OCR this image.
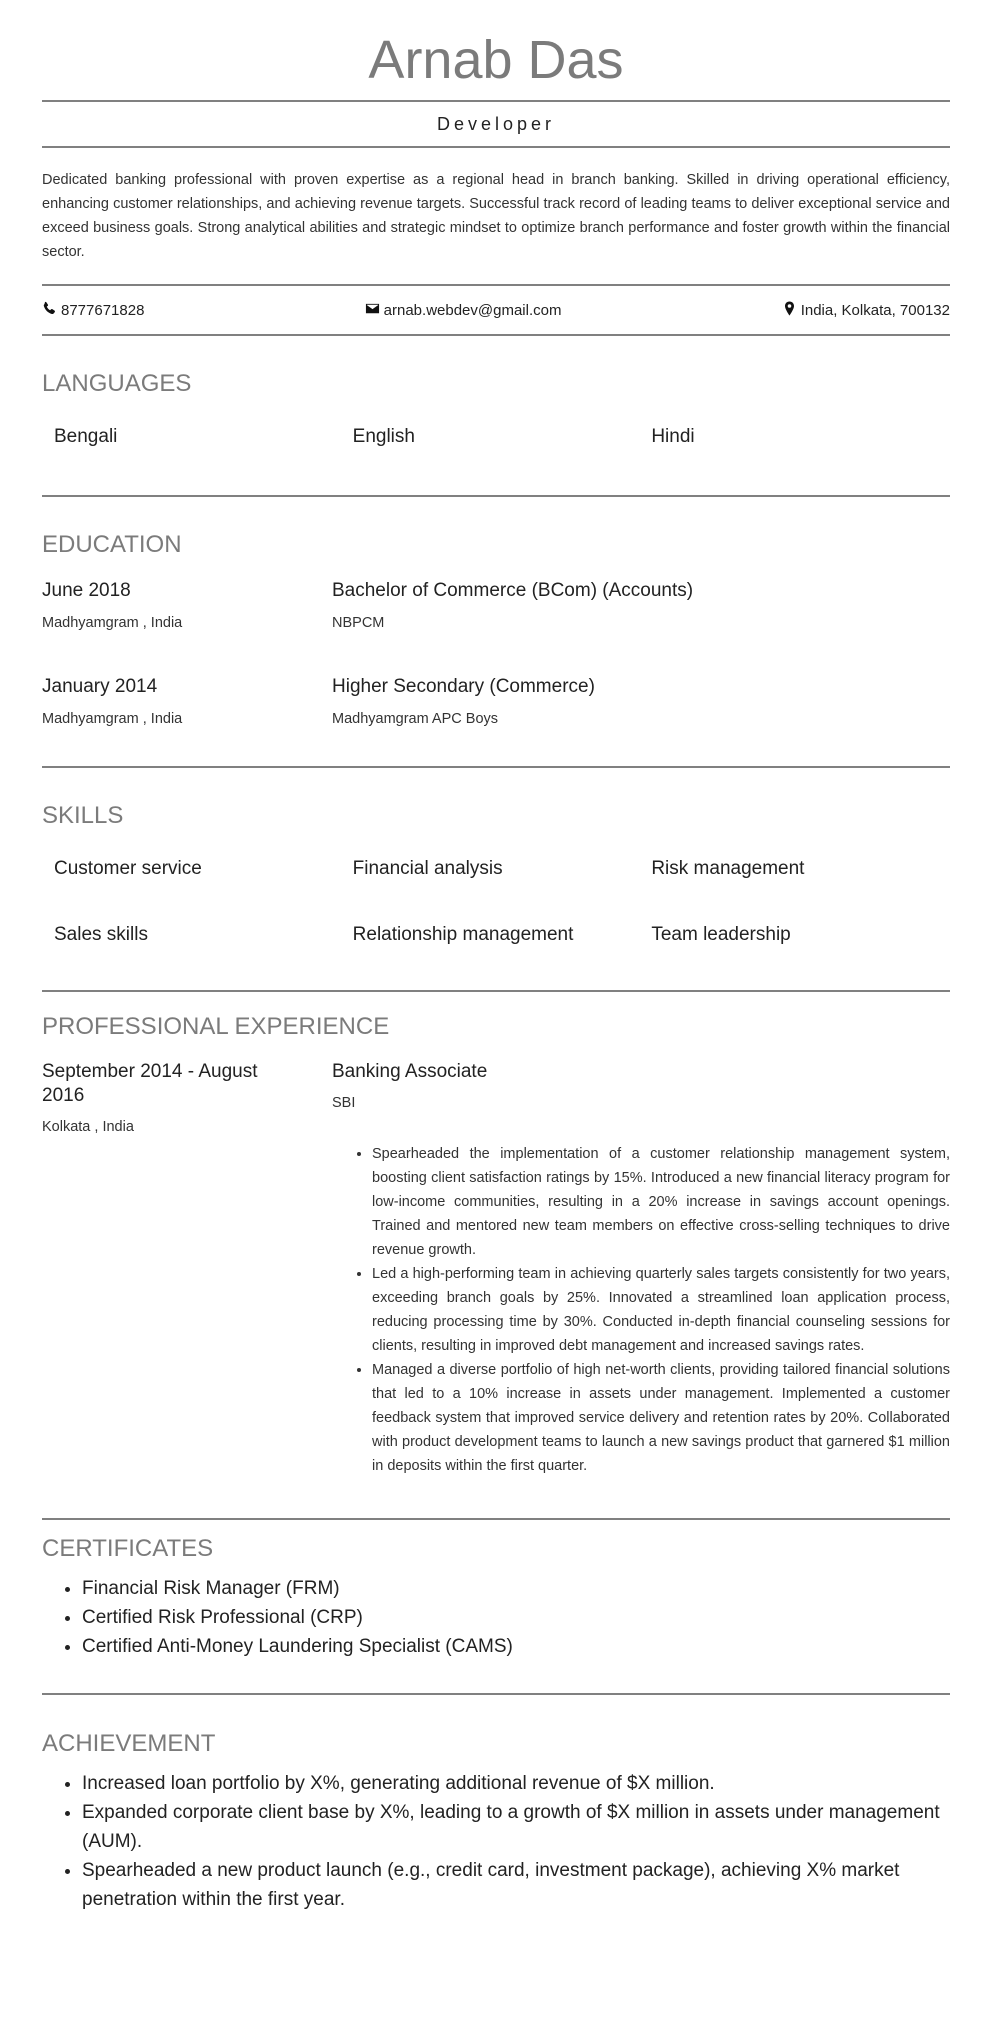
Arnab Das
Developer
Dedicated banking professional with proven expertise as a regional head in branch banking. Skilled in driving operational efficiency, enhancing customer relationships, and achieving revenue targets. Successful track record of leading teams to deliver exceptional service and exceed business goals. Strong analytical abilities and strategic mindset to optimize branch performance and foster growth within the financial sector.
8777671828	arnab.webdev@gmail.com	India, Kolkata, 700132
LANGUAGES
Bengali	English	Hindi
EDUCATION
June 2018
Madhyamgram , India
Bachelor of Commerce (BCom) (Accounts)
NBPCM
January 2014
Madhyamgram , India
Higher Secondary (Commerce)
Madhyamgram APC Boys
SKILLS
Customer service	Financial analysis	Risk management
Sales skills	Relationship management	Team leadership
PROFESSIONAL EXPERIENCE
September 2014 - August 2016
Kolkata , India
Banking Associate
SBI
• Spearheaded the implementation of a customer relationship management system, boosting client satisfaction ratings by 15%. Introduced a new financial literacy program for low-income communities, resulting in a 20% increase in savings account openings. Trained and mentored new team members on effective cross-selling techniques to drive revenue growth.
• Led a high-performing team in achieving quarterly sales targets consistently for two years, exceeding branch goals by 25%. Innovated a streamlined loan application process, reducing processing time by 30%. Conducted in-depth financial counseling sessions for clients, resulting in improved debt management and increased savings rates.
• Managed a diverse portfolio of high net-worth clients, providing tailored financial solutions that led to a 10% increase in assets under management. Implemented a customer feedback system that improved service delivery and retention rates by 20%. Collaborated with product development teams to launch a new savings product that garnered $1 million in deposits within the first quarter.
CERTIFICATES
• Financial Risk Manager (FRM)
• Certified Risk Professional (CRP)
• Certified Anti-Money Laundering Specialist (CAMS)
ACHIEVEMENT
• Increased loan portfolio by X%, generating additional revenue of $X million.
• Expanded corporate client base by X%, leading to a growth of $X million in assets under management (AUM).
• Spearheaded a new product launch (e.g., credit card, investment package), achieving X% market penetration within the first year.
